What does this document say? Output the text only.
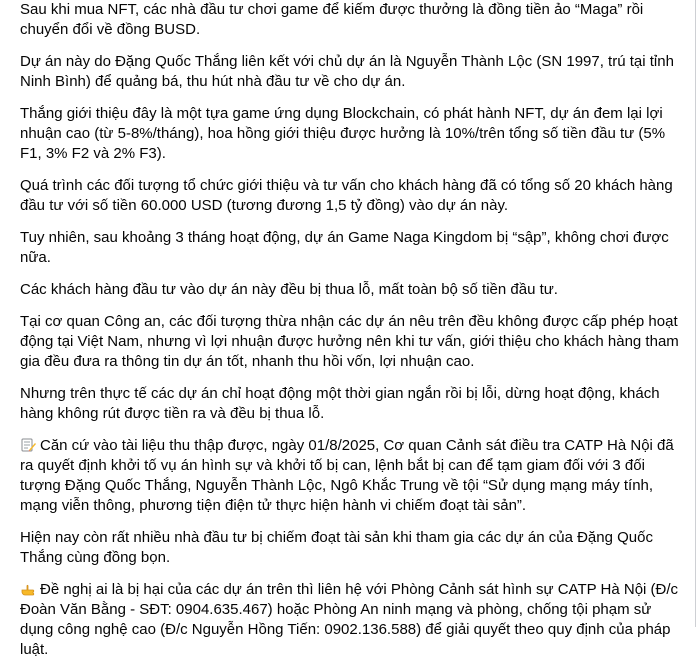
Sau khi mua NFT, các nhà đầu tư chơi game để kiếm được thưởng là đồng tiền ảo “Maga” rồi chuyển đổi về đồng BUSD.

Dự án này do Đặng Quốc Thắng liên kết với chủ dự án là Nguyễn Thành Lộc (SN 1997, trú tại tỉnh Ninh Bình) để quảng bá, thu hút nhà đầu tư về cho dự án.

Thắng giới thiệu đây là một tựa game ứng dụng Blockchain, có phát hành NFT, dự án đem lại lợi nhuận cao (từ 5-8%/tháng), hoa hồng giới thiệu được hưởng là 10%/trên tổng số tiền đầu tư (5% F1, 3% F2 và 2% F3).

Quá trình các đối tượng tổ chức giới thiệu và tư vấn cho khách hàng đã có tổng số 20 khách hàng đầu tư với số tiền 60.000 USD (tương đương 1,5 tỷ đồng) vào dự án này.

Tuy nhiên, sau khoảng 3 tháng hoạt động, dự án Game Naga Kingdom bị “sập”, không chơi được nữa.

Các khách hàng đầu tư vào dự án này đều bị thua lỗ, mất toàn bộ số tiền đầu tư.

Tại cơ quan Công an, các đối tượng thừa nhận các dự án nêu trên đều không được cấp phép hoạt động tại Việt Nam, nhưng vì lợi nhuận được hưởng nên khi tư vấn, giới thiệu cho khách hàng tham gia đều đưa ra thông tin dự án tốt, nhanh thu hồi vốn, lợi nhuận cao.

Nhưng trên thực tế các dự án chỉ hoạt động một thời gian ngắn rồi bị lỗi, dừng hoạt động, khách hàng không rút được tiền ra và đều bị thua lỗ.

Căn cứ vào tài liệu thu thập được, ngày 01/8/2025, Cơ quan Cảnh sát điều tra CATP Hà Nội đã ra quyết định khởi tố vụ án hình sự và khởi tố bị can, lệnh bắt bị can để tạm giam đối với 3 đối tượng Đặng Quốc Thắng, Nguyễn Thành Lộc, Ngô Khắc Trung về tội “Sử dụng mạng máy tính, mạng viễn thông, phương tiện điện tử thực hiện hành vi chiếm đoạt tài sản”.

Hiện nay còn rất nhiều nhà đầu tư bị chiếm đoạt tài sản khi tham gia các dự án của Đặng Quốc Thắng cùng đồng bọn.

Đề nghị ai là bị hại của các dự án trên thì liên hệ với Phòng Cảnh sát hình sự CATP Hà Nội (Đ/c Đoàn Văn Bằng - SĐT: 0904.635.467) hoặc Phòng An ninh mạng và phòng, chống tội phạm sử dụng công nghệ cao (Đ/c Nguyễn Hồng Tiến: 0902.136.588) để giải quyết theo quy định của pháp luật.
